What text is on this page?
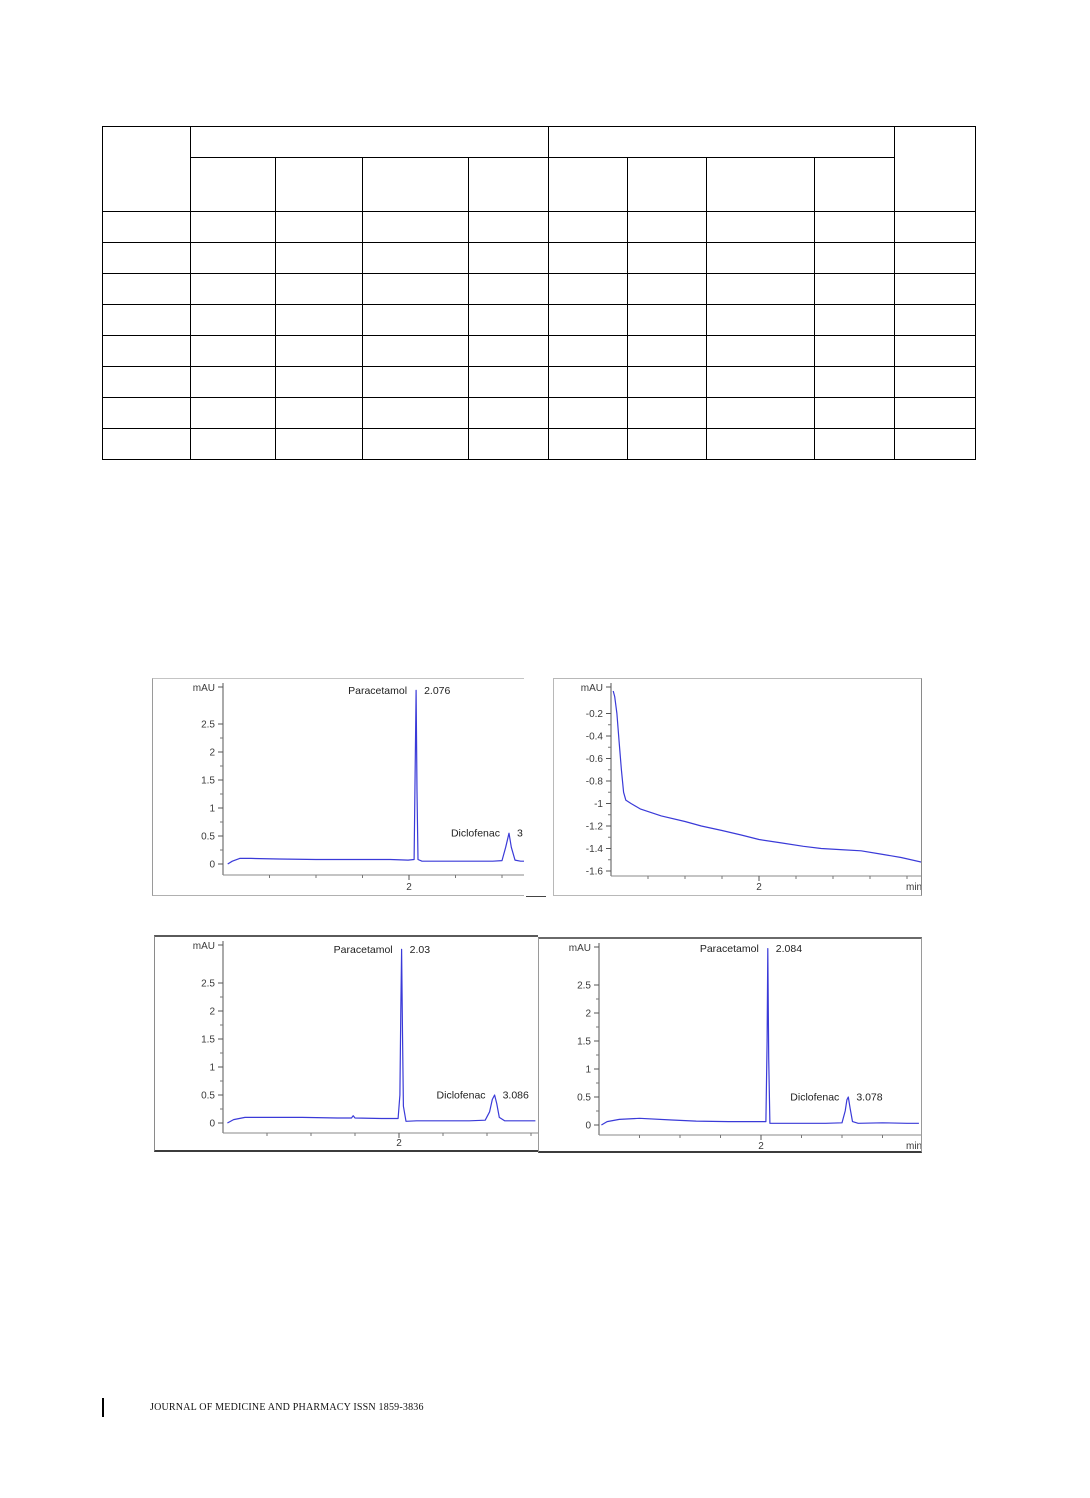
2.5
2
1.5
1
0.5
0
mAU
2
Paracetamol 2.076
Diclofenac 3
-0.2
-0.4
-0.6
-0.8
-1
-1.2
-1.4
-1.6
mAU
2	min
2.5
2
1.5
1
0.5
0
mAU
2
Paracetamol 2.03
Diclofenac 3.086
2.5
2
1.5
1
0.5
0
mAU
2	min
Paracetamol 2.084
Diclofenac 3.078
JOURNAL OF MEDICINE AND PHARMACY ISSN 1859-3836
